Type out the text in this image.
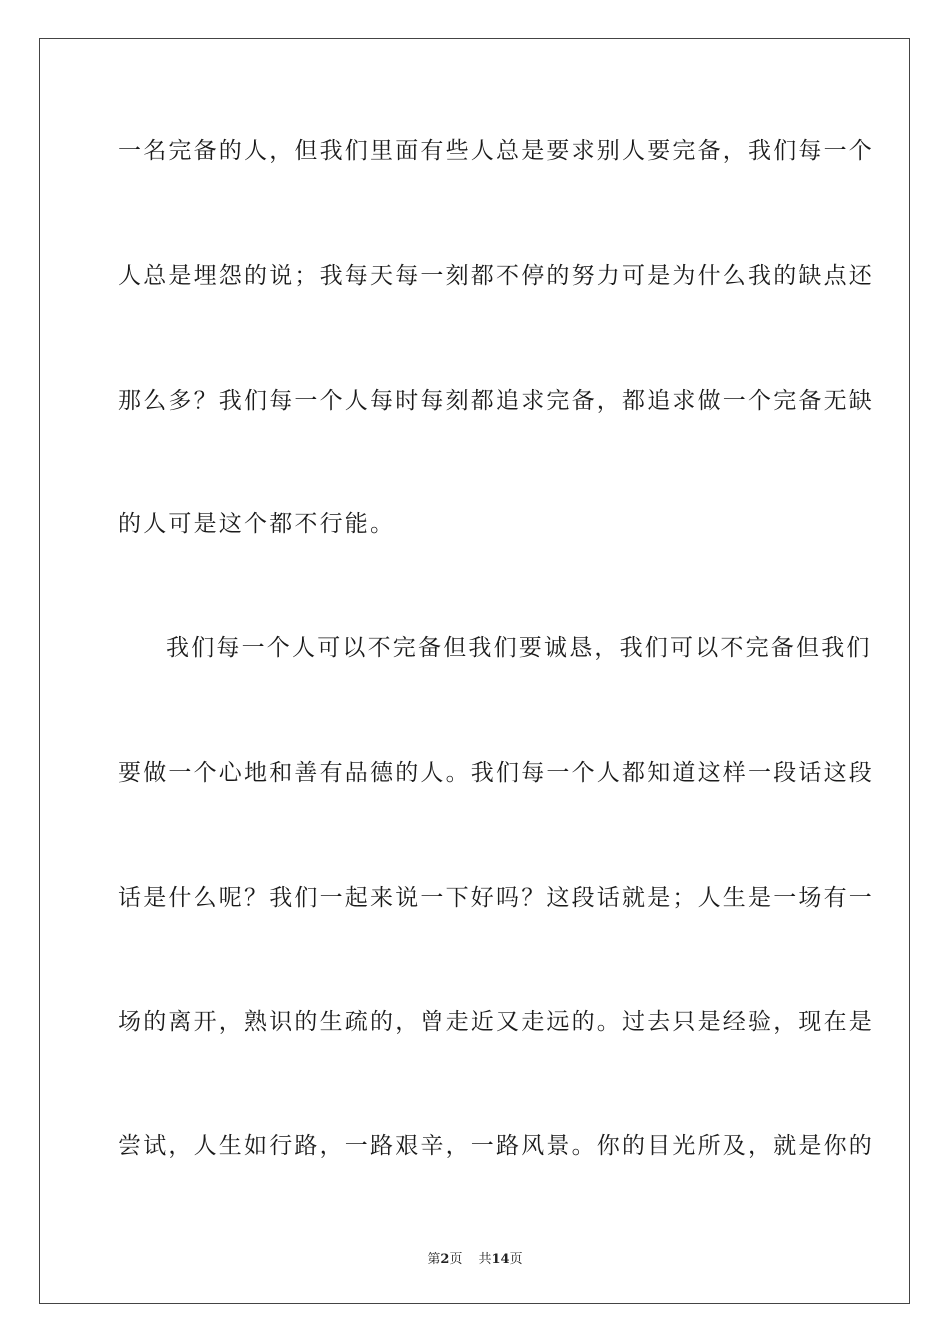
一名完备的人，但我们里面有些人总是要求别人要完备，我们每一个
人总是埋怨的说；我每天每一刻都不停的努力可是为什么我的缺点还
那么多？我们每一个人每时每刻都追求完备，都追求做一个完备无缺
的人可是这个都不行能。
我们每一个人可以不完备但我们要诚恳，我们可以不完备但我们
要做一个心地和善有品德的人。我们每一个人都知道这样一段话这段
话是什么呢？我们一起来说一下好吗？这段话就是；人生是一场有一
场的离开，熟识的生疏的，曾走近又走远的。过去只是经验，现在是
尝试，人生如行路，一路艰辛，一路风景。你的目光所及，就是你的
第2页 共14页
